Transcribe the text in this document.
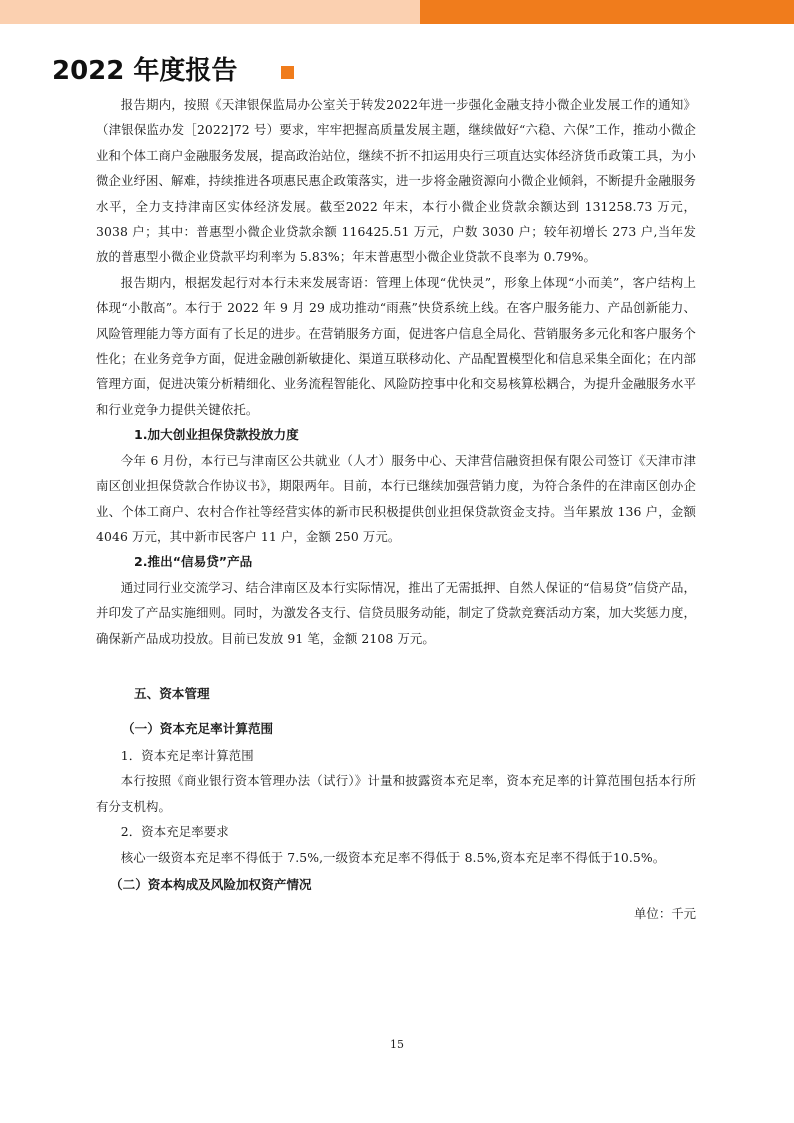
2022 年度报告

报告期内，按照《天津银保监局办公室关于转发2022年进一步强化金融支持小微企业发展工作的通知》（津银保监办发［2022]72 号）要求，牢牢把握高质量发展主题，继续做好“六稳、六保”工作，推动小微企业和个体工商户金融服务发展，提高政治站位，继续不折不扣运用央行三项直达实体经济货币政策工具，为小微企业纾困、解难，持续推进各项惠民惠企政策落实，进一步将金融资源向小微企业倾斜，不断提升金融服务水平，全力支持津南区实体经济发展。截至2022 年末，本行小微企业贷款余额达到 131258.73 万元，3038 户；其中：普惠型小微企业贷款余额 116425.51 万元，户数 3030 户；较年初增长 273 户,当年发放的普惠型小微企业贷款平均利率为 5.83%；年末普惠型小微企业贷款不良率为 0.79%。

报告期内，根据发起行对本行未来发展寄语：管理上体现“优快灵”，形象上体现“小而美”，客户结构上体现“小散高”。本行于 2022 年 9 月 29 成功推动“雨燕”快贷系统上线。在客户服务能力、产品创新能力、风险管理能力等方面有了长足的进步。在营销服务方面，促进客户信息全局化、营销服务多元化和客户服务个性化；在业务竞争方面，促进金融创新敏捷化、渠道互联移动化、产品配置模型化和信息采集全面化；在内部管理方面，促进决策分析精细化、业务流程智能化、风险防控事中化和交易核算松耦合，为提升金融服务水平和行业竞争力提供关键依托。

1.加大创业担保贷款投放力度

今年 6 月份，本行已与津南区公共就业（人才）服务中心、天津营信融资担保有限公司签订《天津市津南区创业担保贷款合作协议书》，期限两年。目前，本行已继续加强营销力度，为符合条件的在津南区创办企业、个体工商户、农村合作社等经营实体的新市民积极提供创业担保贷款资金支持。当年累放 136 户，金额 4046 万元，其中新市民客户 11 户，金额 250 万元。

2.推出“信易贷”产品

通过同行业交流学习、结合津南区及本行实际情况，推出了无需抵押、自然人保证的“信易贷”信贷产品，并印发了产品实施细则。同时，为激发各支行、信贷员服务动能，制定了贷款竞赛活动方案，加大奖惩力度，确保新产品成功投放。目前已发放 91 笔，金额 2108 万元。

五、资本管理

（一）资本充足率计算范围

1．资本充足率计算范围

本行按照《商业银行资本管理办法（试行）》计量和披露资本充足率，资本充足率的计算范围包括本行所有分支机构。

2．资本充足率要求

核心一级资本充足率不得低于 7.5%,一级资本充足率不得低于 8.5%,资本充足率不得低于10.5%。

（二）资本构成及风险加权资产情况

单位：千元

15
